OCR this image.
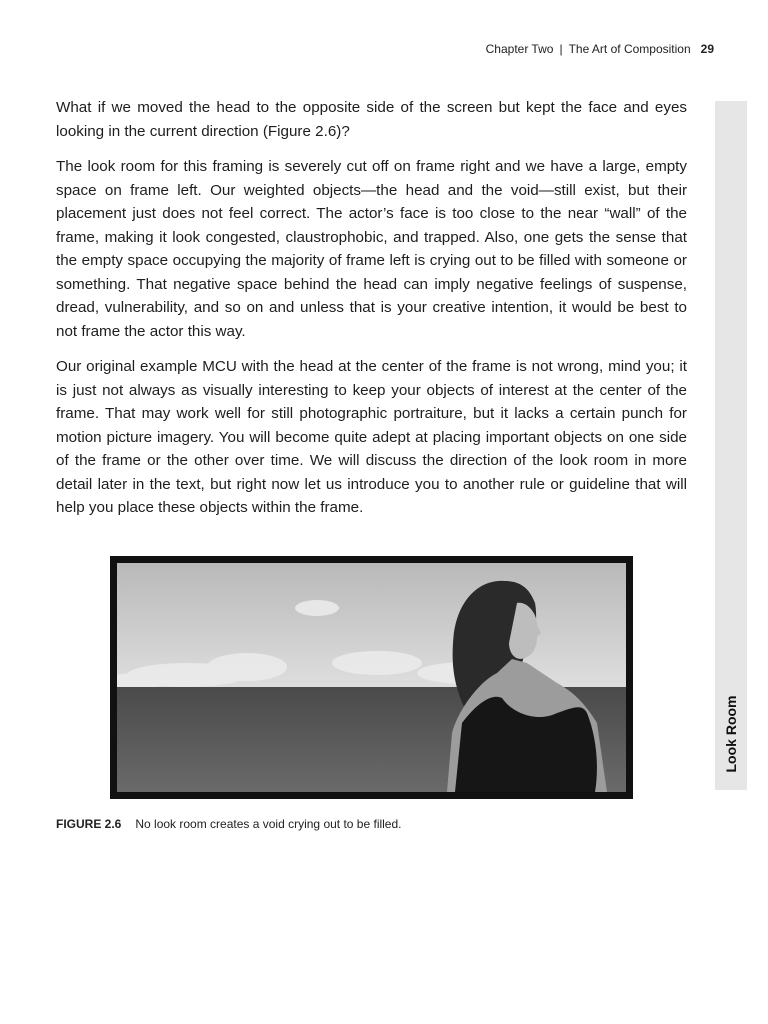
Chapter Two | The Art of Composition 29
Look Room

What if we moved the head to the opposite side of the screen but kept the face and eyes looking in the current direction (Figure 2.6)?

The look room for this framing is severely cut off on frame right and we have a large, empty space on frame left. Our weighted objects—the head and the void—still exist, but their placement just does not feel correct. The actor’s face is too close to the near “wall” of the frame, making it look congested, claustrophobic, and trapped. Also, one gets the sense that the empty space occupying the majority of frame left is crying out to be filled with someone or something. That negative space behind the head can imply negative feelings of suspense, dread, vulnerability, and so on and unless that is your creative intention, it would be best to not frame the actor this way.

Our original example MCU with the head at the center of the frame is not wrong, mind you; it is just not always as visually interesting to keep your objects of interest at the center of the frame. That may work well for still photographic portraiture, but it lacks a certain punch for motion picture imagery. You will become quite adept at placing important objects on one side of the frame or the other over time. We will discuss the direction of the look room in more detail later in the text, but right now let us introduce you to another rule or guideline that will help you place these objects within the frame.

FIGURE 2.6 No look room creates a void crying out to be filled.
